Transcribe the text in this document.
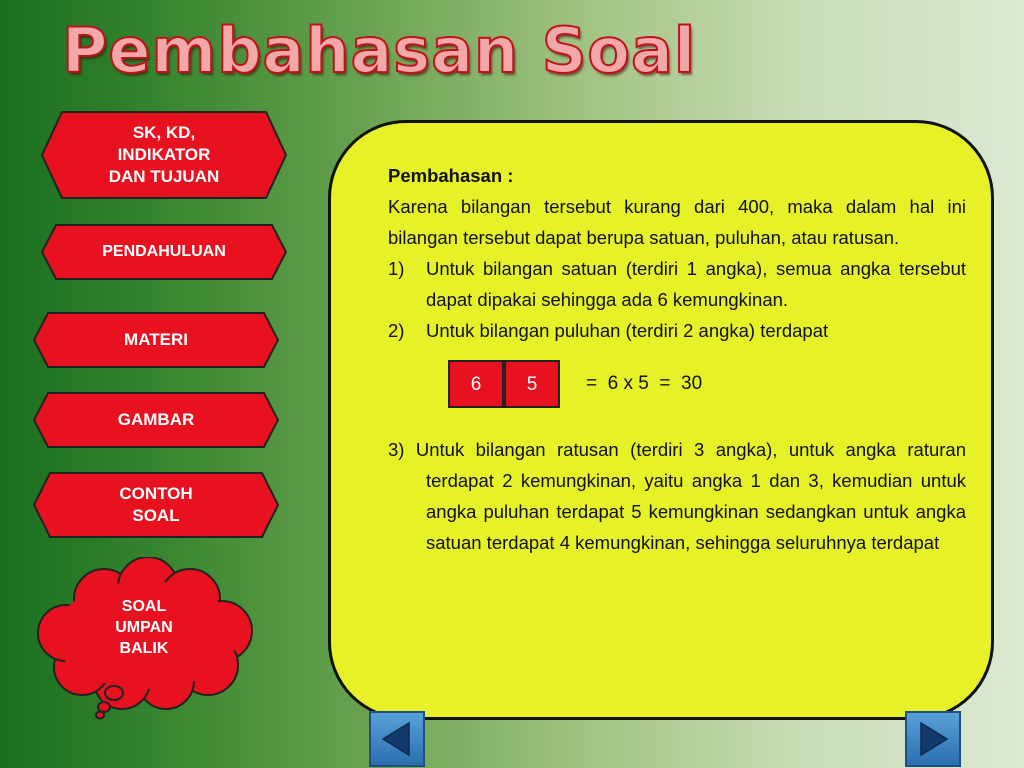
Pembahasan Soal
SK, KD,
INDIKATOR
DAN TUJUAN
PENDAHULUAN
MATERI
GAMBAR
CONTOH
SOAL
SOAL
UMPAN
BALIK

Pembahasan :

Karena bilangan tersebut kurang dari 400, maka dalam hal ini bilangan tersebut dapat berupa satuan, puluhan, atau ratusan.

1) Untuk bilangan satuan (terdiri 1 angka), semua angka tersebut dapat dipakai sehingga ada 6 kemungkinan.
2) Untuk bilangan puluhan (terdiri 2 angka) terdapat
6	5	=  6 x 5  =  30

3) Untuk bilangan ratusan (terdiri 3 angka), untuk angka raturan terdapat 2 kemungkinan, yaitu angka 1 dan 3, kemudian untuk angka puluhan terdapat 5 kemungkinan sedangkan untuk angka satuan terdapat 4 kemungkinan, sehingga seluruhnya terdapat
